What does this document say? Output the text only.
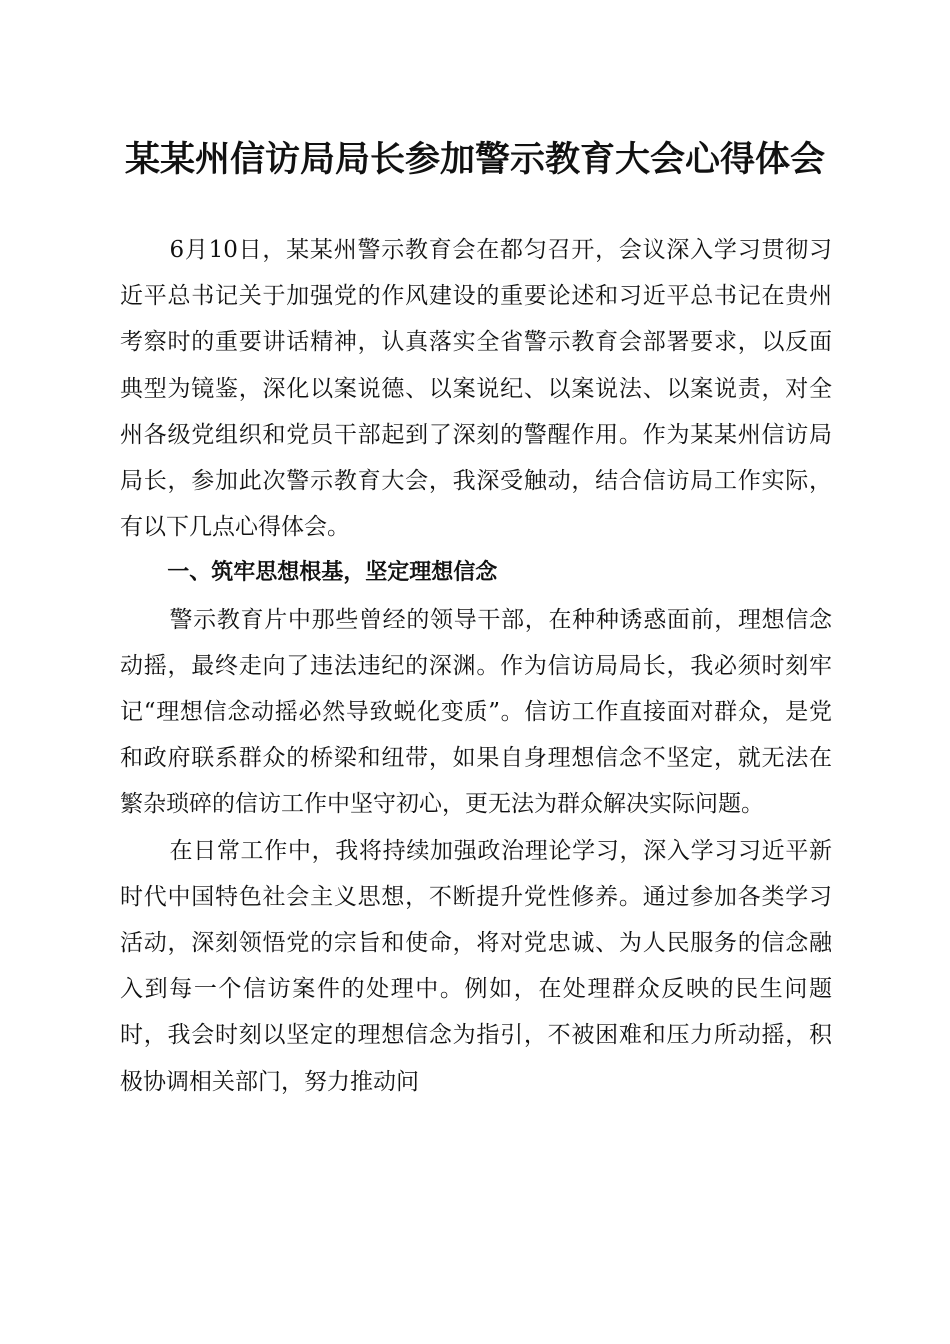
某某州信访局局长参加警示教育大会心得体会

6月10日，某某州警示教育会在都匀召开，会议深入学习贯彻习近平总书记关于加强党的作风建设的重要论述和习近平总书记在贵州考察时的重要讲话精神，认真落实全省警示教育会部署要求，以反面典型为镜鉴，深化以案说德、以案说纪、以案说法、以案说责，对全州各级党组织和党员干部起到了深刻的警醒作用。作为某某州信访局局长，参加此次警示教育大会，我深受触动，结合信访局工作实际，有以下几点心得体会。

一、筑牢思想根基，坚定理想信念

警示教育片中那些曾经的领导干部，在种种诱惑面前，理想信念动摇，最终走向了违法违纪的深渊。作为信访局局长，我必须时刻牢记“理想信念动摇必然导致蜕化变质”。信访工作直接面对群众，是党和政府联系群众的桥梁和纽带，如果自身理想信念不坚定，就无法在繁杂琐碎的信访工作中坚守初心，更无法为群众解决实际问题。

在日常工作中，我将持续加强政治理论学习，深入学习习近平新时代中国特色社会主义思想，不断提升党性修养。通过参加各类学习活动，深刻领悟党的宗旨和使命，将对党忠诚、为人民服务的信念融入到每一个信访案件的处理中。例如，在处理群众反映的民生问题时，我会时刻以坚定的理想信念为指引，不被困难和压力所动摇，积极协调相关部门，努力推动问
